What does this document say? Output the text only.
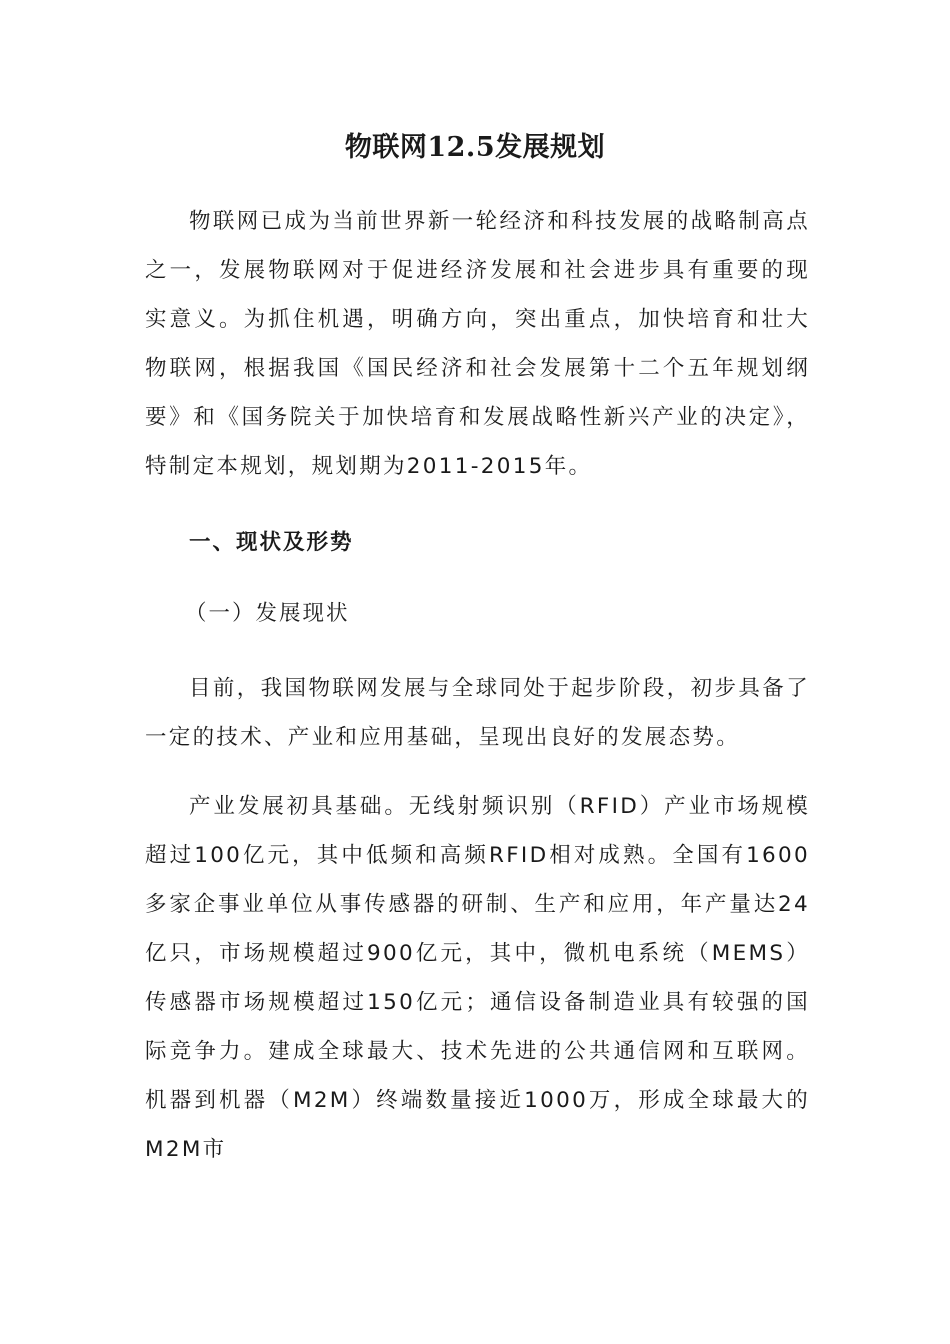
物联网12.5发展规划
物联网已成为当前世界新一轮经济和科技发展的战略制高点之一，发展物联网对于促进经济发展和社会进步具有重要的现实意义。为抓住机遇，明确方向，突出重点，加快培育和壮大物联网，根据我国《国民经济和社会发展第十二个五年规划纲要》和《国务院关于加快培育和发展战略性新兴产业的决定》，特制定本规划，规划期为2011-2015年。
一、现状及形势
（一）发展现状
目前，我国物联网发展与全球同处于起步阶段，初步具备了一定的技术、产业和应用基础，呈现出良好的发展态势。
产业发展初具基础。无线射频识别（RFID）产业市场规模超过100亿元，其中低频和高频RFID相对成熟。全国有1600多家企事业单位从事传感器的研制、生产和应用，年产量达24亿只，市场规模超过900亿元，其中，微机电系统（MEMS）传感器市场规模超过150亿元；通信设备制造业具有较强的国际竞争力。建成全球最大、技术先进的公共通信网和互联网。机器到机器（M2M）终端数量接近1000万，形成全球最大的M2M市
